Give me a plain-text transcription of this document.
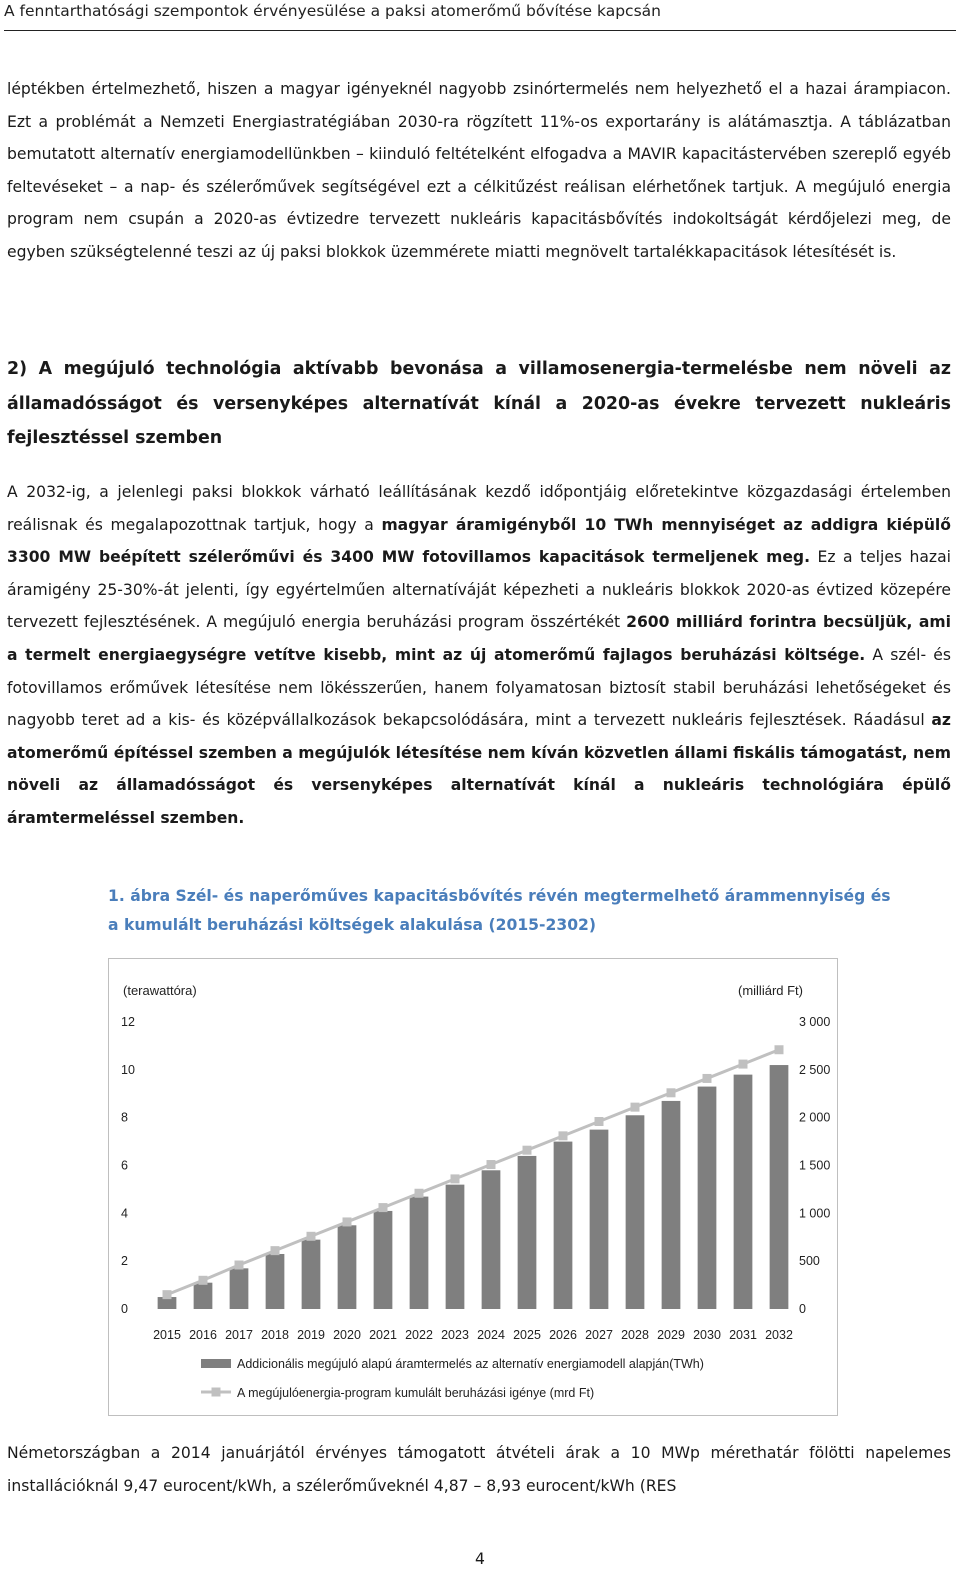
A fenntarthatósági szempontok érvényesülése a paksi atomerőmű bővítése kapcsán

léptékben értelmezhető, hiszen a magyar igényeknél nagyobb zsinórtermelés nem helyezhető el a hazai árampiacon. Ezt a problémát a Nemzeti Energiastratégiában 2030-ra rögzített 11%-os exportarány is alátámasztja. A táblázatban bemutatott alternatív energiamodellünkben – kiinduló feltételként elfogadva a MAVIR kapacitástervében szereplő egyéb feltevéseket – a nap- és szélerőművek segítségével ezt a célkitűzést reálisan elérhetőnek tartjuk. A megújuló energia program nem csupán a 2020-as évtizedre tervezett nukleáris kapacitásbővítés indokoltságát kérdőjelezi meg, de egyben szükségtelenné teszi az új paksi blokkok üzemmérete miatti megnövelt tartalékkapacitások létesítését is.

2) A megújuló technológia aktívabb bevonása a villamosenergia-termelésbe nem növeli az államadósságot és versenyképes alternatívát kínál a 2020-as évekre tervezett nukleáris fejlesztéssel szemben

A 2032-ig, a jelenlegi paksi blokkok várható leállításának kezdő időpontjáig előretekintve közgazdasági értelemben reálisnak és megalapozottnak tartjuk, hogy a magyar áramigényből 10 TWh mennyiséget az addigra kiépülő 3300 MW beépített szélerőművi és 3400 MW fotovillamos kapacitások termeljenek meg. Ez a teljes hazai áramigény 25-30%-át jelenti, így egyértelműen alternatíváját képezheti a nukleáris blokkok 2020-as évtized közepére tervezett fejlesztésének. A megújuló energia beruházási program összértékét 2600 milliárd forintra becsüljük, ami a termelt energiaegységre vetítve kisebb, mint az új atomerőmű fajlagos beruházási költsége. A szél- és fotovillamos erőművek létesítése nem lökésszerűen, hanem folyamatosan biztosít stabil beruházási lehetőségeket és nagyobb teret ad a kis- és középvállalkozások bekapcsolódására, mint a tervezett nukleáris fejlesztések. Ráadásul az atomerőmű építéssel szemben a megújulók létesítése nem kíván közvetlen állami fiskális támogatást, nem növeli az államadósságot és versenyképes alternatívát kínál a nukleáris technológiára épülő áramtermeléssel szemben.

1. ábra Szél- és naperőműves kapacitásbővítés révén megtermelhető árammennyiség és a kumulált beruházási költségek alakulása (2015-2302)

(terawattóra)	(milliárd Ft)
0
2
4
6
8
10
12
0
500
1 000
1 500
2 000
2 500
3 000
2015 2016 2017 2018 2019 2020 2021 2022 2023 2024 2025 2026 2027 2028 2029 2030 2031 2032
Addicionális megújuló alapú áramtermelés az alternatív energiamodell alapján(TWh)
A megújulóenergia-program kumulált beruházási igénye (mrd Ft)

Németországban a 2014 januárjától érvényes támogatott átvételi árak a 10 MWp mérethatár fölötti napelemes installációknál 9,47 eurocent/kWh, a szélerőműveknél 4,87 – 8,93 eurocent/kWh (RES

4
